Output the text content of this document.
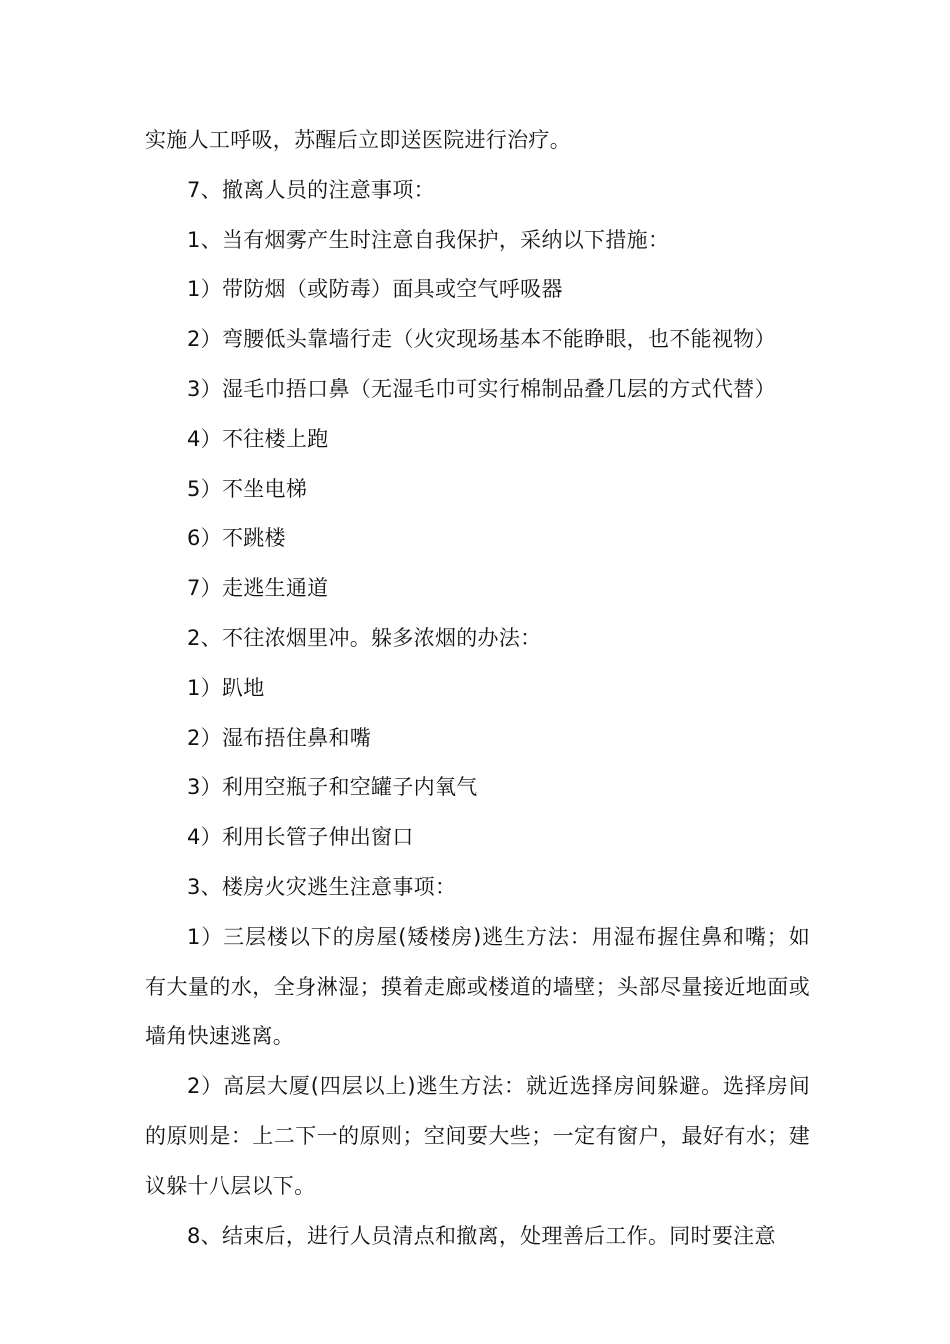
实施人工呼吸，苏醒后立即送医院进行治疗。

7、撤离人员的注意事项：

1、当有烟雾产生时注意自我保护，采纳以下措施：

1）带防烟（或防毒）面具或空气呼吸器

2）弯腰低头靠墙行走（火灾现场基本不能睁眼，也不能视物）

3）湿毛巾捂口鼻（无湿毛巾可实行棉制品叠几层的方式代替）

4）不往楼上跑

5）不坐电梯

6）不跳楼

7）走逃生通道

2、不往浓烟里冲。躲多浓烟的办法：

1）趴地

2）湿布捂住鼻和嘴

3）利用空瓶子和空罐子内氧气

4）利用长管子伸出窗口

3、楼房火灾逃生注意事项：

1）三层楼以下的房屋(矮楼房)逃生方法：用湿布握住鼻和嘴；如有大量的水，全身淋湿；摸着走廊或楼道的墙壁；头部尽量接近地面或墙角快速逃离。

2）高层大厦(四层以上)逃生方法：就近选择房间躲避。选择房间的原则是：上二下一的原则；空间要大些；一定有窗户，最好有水；建议躲十八层以下。

8、结束后，进行人员清点和撤离，处理善后工作。同时要注意
